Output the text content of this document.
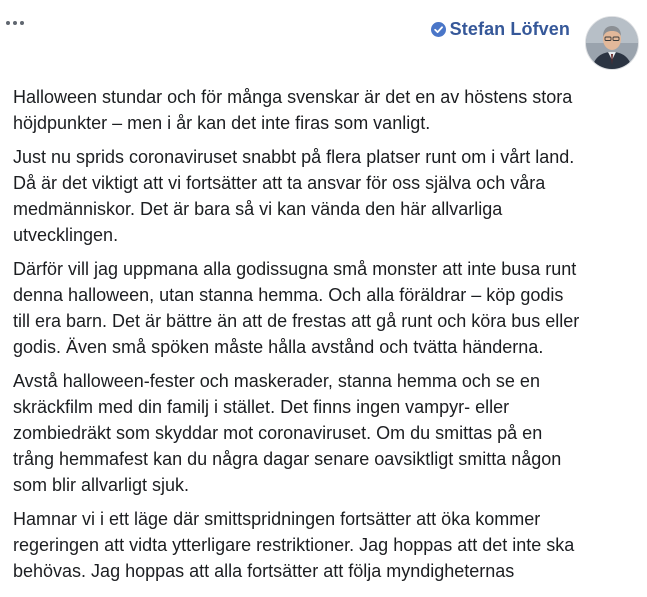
Stefan Löfven

Halloween stundar och för många svenskar är det en av höstens stora
höjdpunkter – men i år kan det inte firas som vanligt.

Just nu sprids coronaviruset snabbt på flera platser runt om i vårt land.
Då är det viktigt att vi fortsätter att ta ansvar för oss själva och våra
medmänniskor. Det är bara så vi kan vända den här allvarliga
utvecklingen.

Därför vill jag uppmana alla godissugna små monster att inte busa runt
denna halloween, utan stanna hemma. Och alla föräldrar – köp godis
till era barn. Det är bättre än att de frestas att gå runt och köra bus eller
godis. Även små spöken måste hålla avstånd och tvätta händerna.

Avstå halloween-fester och maskerader, stanna hemma och se en
skräckfilm med din familj i stället. Det finns ingen vampyr- eller
zombiedräkt som skyddar mot coronaviruset. Om du smittas på en
trång hemmafest kan du några dagar senare oavsiktligt smitta någon
som blir allvarligt sjuk.

Hamnar vi i ett läge där smittspridningen fortsätter att öka kommer
regeringen att vidta ytterligare restriktioner. Jag hoppas att det inte ska
behövas. Jag hoppas att alla fortsätter att följa myndigheternas
